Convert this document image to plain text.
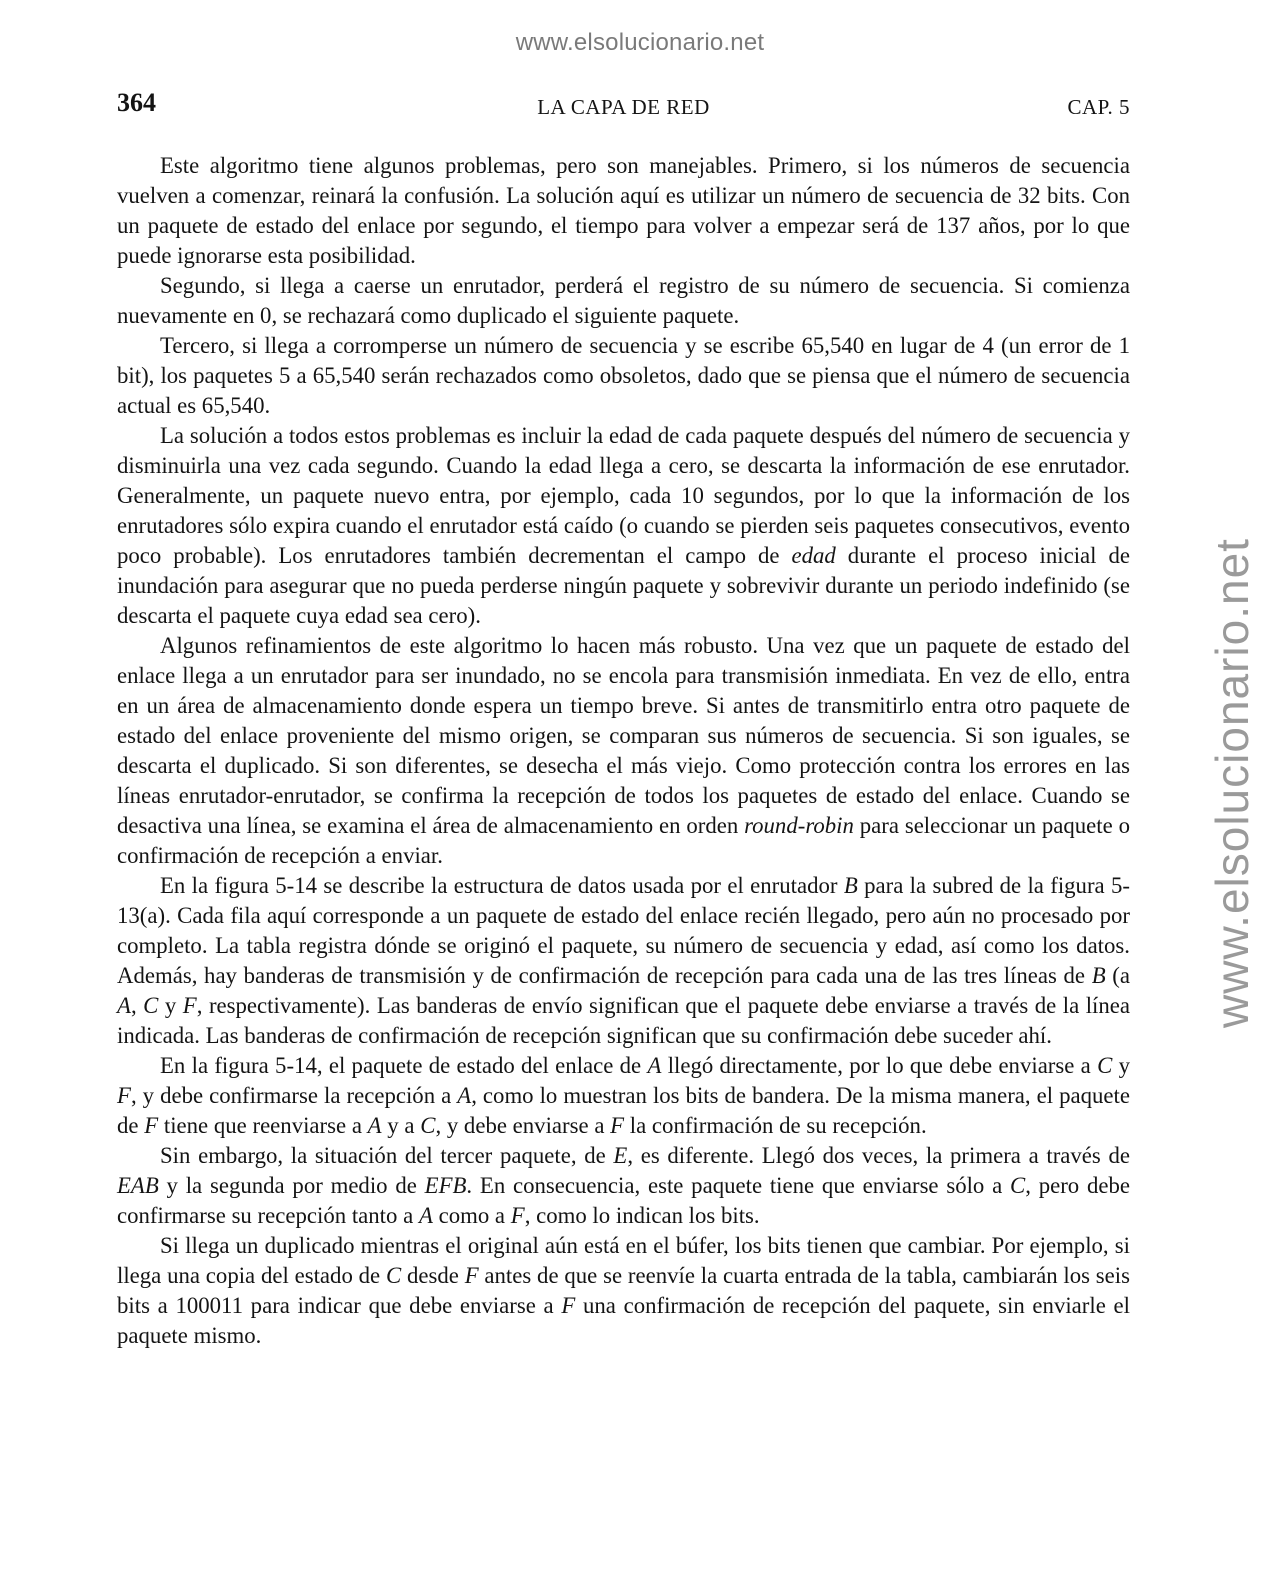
www.elsolucionario.net
www.elsolucionario.net
364	LA CAPA DE RED	CAP. 5

Este algoritmo tiene algunos problemas, pero son manejables. Primero, si los números de secuencia vuelven a comenzar, reinará la confusión. La solución aquí es utilizar un número de secuencia de 32 bits. Con un paquete de estado del enlace por segundo, el tiempo para volver a empezar será de 137 años, por lo que puede ignorarse esta posibilidad.

Segundo, si llega a caerse un enrutador, perderá el registro de su número de secuencia. Si comienza nuevamente en 0, se rechazará como duplicado el siguiente paquete.

Tercero, si llega a corromperse un número de secuencia y se escribe 65,540 en lugar de 4 (un error de 1 bit), los paquetes 5 a 65,540 serán rechazados como obsoletos, dado que se piensa que el número de secuencia actual es 65,540.

La solución a todos estos problemas es incluir la edad de cada paquete después del número de secuencia y disminuirla una vez cada segundo. Cuando la edad llega a cero, se descarta la información de ese enrutador. Generalmente, un paquete nuevo entra, por ejemplo, cada 10 segundos, por lo que la información de los enrutadores sólo expira cuando el enrutador está caído (o cuando se pierden seis paquetes consecutivos, evento poco probable). Los enrutadores también decrementan el campo de edad durante el proceso inicial de inundación para asegurar que no pueda perderse ningún paquete y sobrevivir durante un periodo indefinido (se descarta el paquete cuya edad sea cero).

Algunos refinamientos de este algoritmo lo hacen más robusto. Una vez que un paquete de estado del enlace llega a un enrutador para ser inundado, no se encola para transmisión inmediata. En vez de ello, entra en un área de almacenamiento donde espera un tiempo breve. Si antes de transmitirlo entra otro paquete de estado del enlace proveniente del mismo origen, se comparan sus números de secuencia. Si son iguales, se descarta el duplicado. Si son diferentes, se desecha el más viejo. Como protección contra los errores en las líneas enrutador-enrutador, se confirma la recepción de todos los paquetes de estado del enlace. Cuando se desactiva una línea, se examina el área de almacenamiento en orden round-robin para seleccionar un paquete o confirmación de recepción a enviar.

En la figura 5-14 se describe la estructura de datos usada por el enrutador B para la subred de la figura 5-13(a). Cada fila aquí corresponde a un paquete de estado del enlace recién llegado, pero aún no procesado por completo. La tabla registra dónde se originó el paquete, su número de secuencia y edad, así como los datos. Además, hay banderas de transmisión y de confirmación de recepción para cada una de las tres líneas de B (a A, C y F, respectivamente). Las banderas de envío significan que el paquete debe enviarse a través de la línea indicada. Las banderas de confirmación de recepción significan que su confirmación debe suceder ahí.

En la figura 5-14, el paquete de estado del enlace de A llegó directamente, por lo que debe enviarse a C y F, y debe confirmarse la recepción a A, como lo muestran los bits de bandera. De la misma manera, el paquete de F tiene que reenviarse a A y a C, y debe enviarse a F la confirmación de su recepción.

Sin embargo, la situación del tercer paquete, de E, es diferente. Llegó dos veces, la primera a través de EAB y la segunda por medio de EFB. En consecuencia, este paquete tiene que enviarse sólo a C, pero debe confirmarse su recepción tanto a A como a F, como lo indican los bits.

Si llega un duplicado mientras el original aún está en el búfer, los bits tienen que cambiar. Por ejemplo, si llega una copia del estado de C desde F antes de que se reenvíe la cuarta entrada de la tabla, cambiarán los seis bits a 100011 para indicar que debe enviarse a F una confirmación de recepción del paquete, sin enviarle el paquete mismo.
